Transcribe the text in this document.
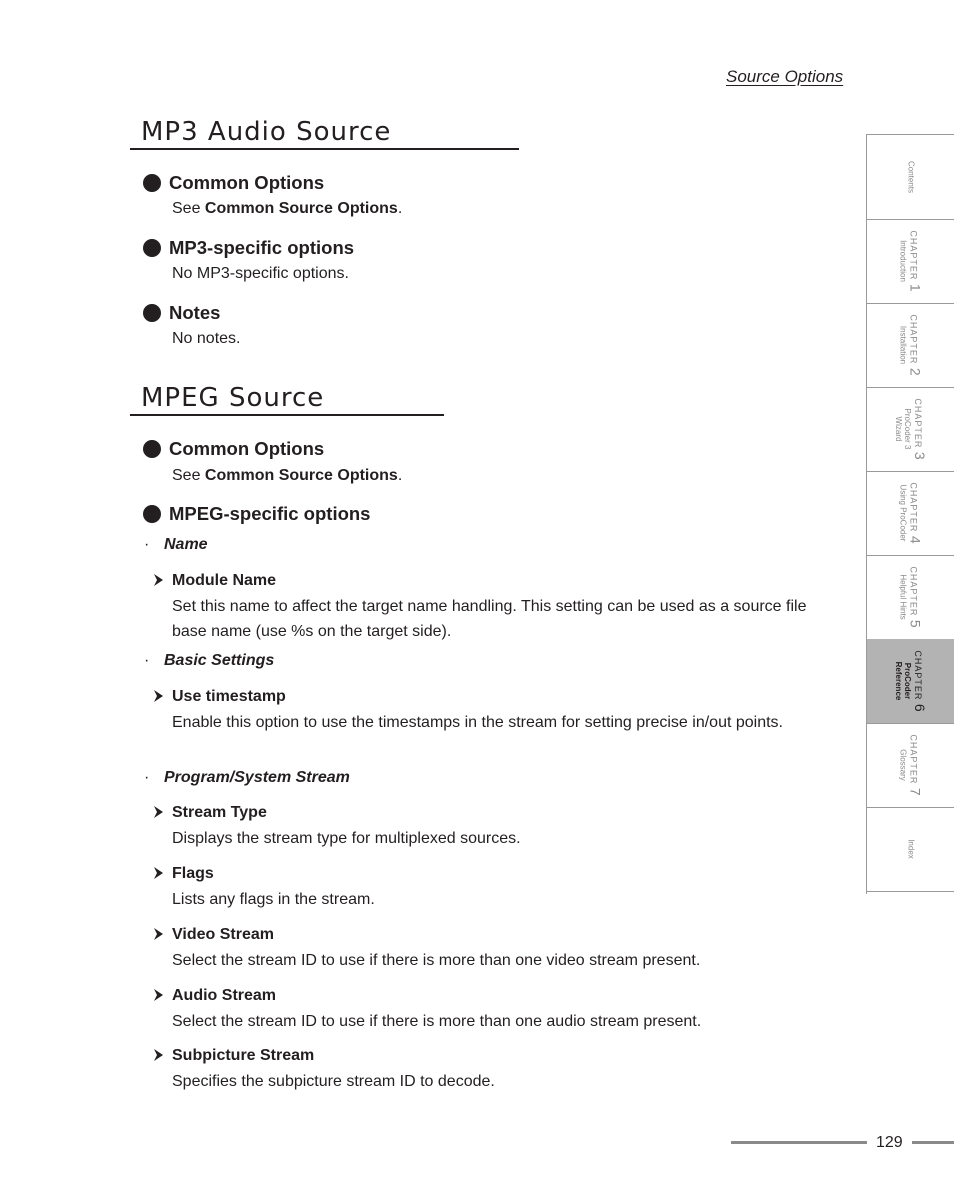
Source Options
MP3 Audio Source
Common Options
See Common Source Options.
MP3-specific options
No MP3-specific options.
Notes
No notes.
MPEG Source
Common Options
See Common Source Options.
MPEG-specific options
· Name
Module Name
Set this name to affect the target name handling. This setting can be used as a source file base name (use %s on the target side).
· Basic Settings
Use timestamp
Enable this option to use the timestamps in the stream for setting precise in/out points.
· Program/System Stream
Stream Type
Displays the stream type for multiplexed sources.
Flags
Lists any flags in the stream.
Video Stream
Select the stream ID to use if there is more than one video stream present.
Audio Stream
Select the stream ID to use if there is more than one audio stream present.
Subpicture Stream
Specifies the subpicture stream ID to decode.
Contents
CHAPTER 1
Introduction
CHAPTER 2
Installation
CHAPTER 3
ProCoder 3
Wizard
CHAPTER 4
Using ProCoder
CHAPTER 5
Helpful Hints
CHAPTER 6
ProCoder
Reference
CHAPTER 7
Glossary
Index
129
